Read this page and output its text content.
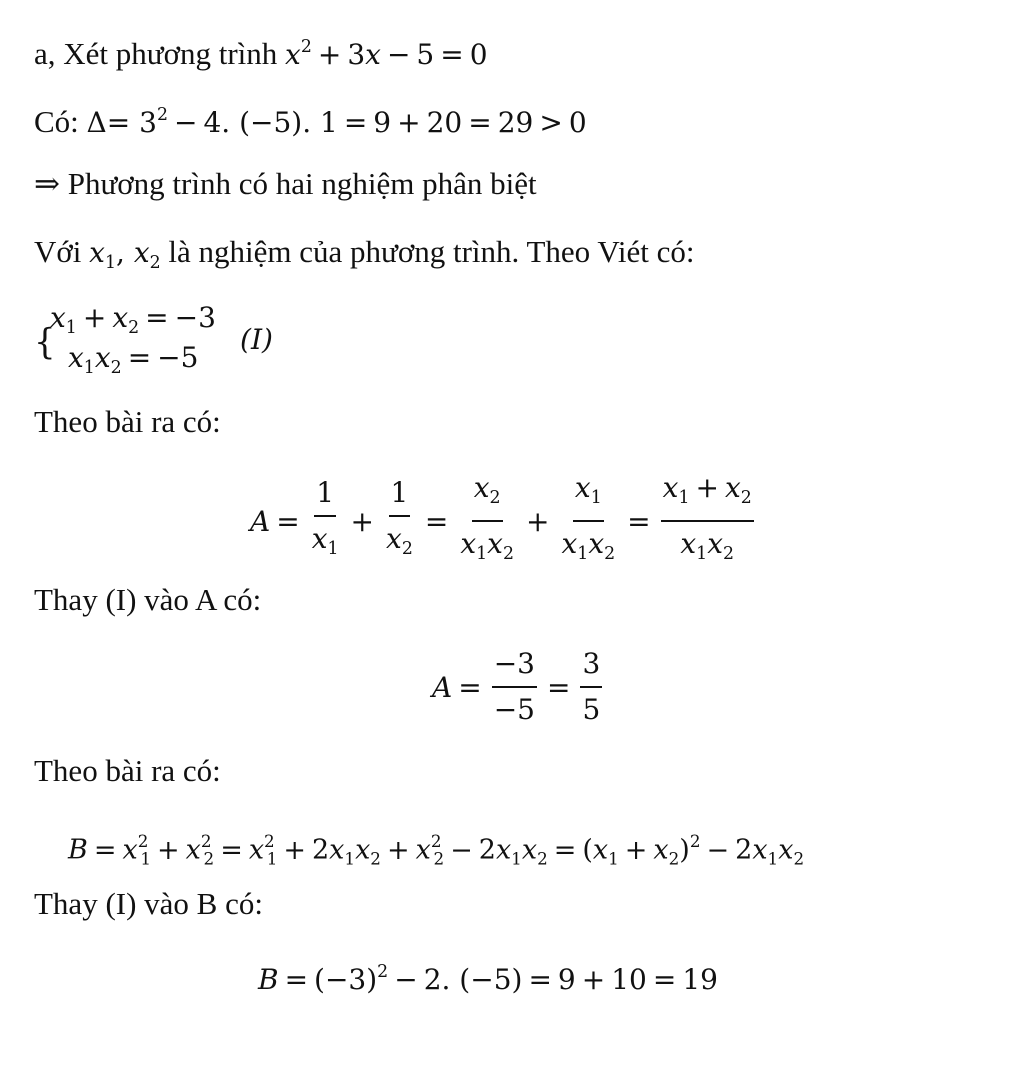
a, Xét phương trình $x^2 + 3x - 5 = 0$
Có: $\Delta= 3^2 - 4$. (−5). 1 = 9 + 20 = 29 > 0
⇒ Phương trình có hai nghiệm phân biệt
Với $x_1$, $x_2$ là nghiệm của phương trình. Theo Viét có:
{
$x_1 + x_2 = -3$
$x_1x_2 = -5$
(I)
Theo bài ra có:
$A = \frac{1}{x_1} + \frac{1}{x_2} = \frac{x_2}{x_1x_2} + \frac{x_1}{x_1x_2} = \frac{x_1 + x_2}{x_1x_2}$
Thay (I) vào A có:
$A = \frac{-3}{-5} = \frac{3}{5}$
Theo bài ra có:
$B = x^2_1 + x^2_2 = x^2_1 + 2x_1x_2 + x^2_2 - 2x_1x_2 = (x_1 + x_2)^2 - 2x_1x_2$
Thay (I) vào B có:
$B = (-3)^2 - 2$. (−5) = 9 + 10 = 19
